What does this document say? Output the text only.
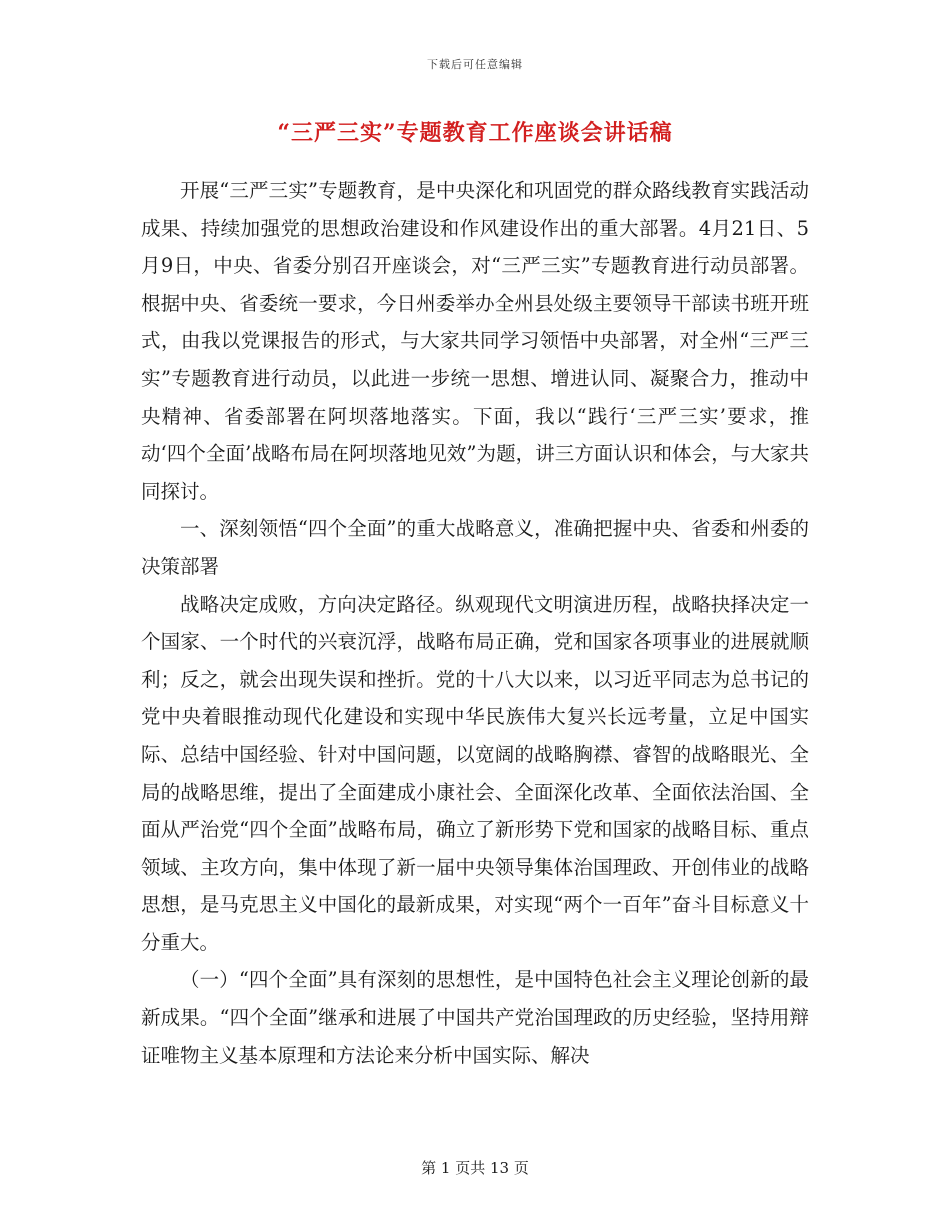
下载后可任意编辑
“三严三实”专题教育工作座谈会讲话稿

开展“三严三实”专题教育，是中央深化和巩固党的群众路线教育实践活动成果、持续加强党的思想政治建设和作风建设作出的重大部署。4月21日、5月9日，中央、省委分别召开座谈会，对“三严三实”专题教育进行动员部署。根据中央、省委统一要求，今日州委举办全州县处级主要领导干部读书班开班式，由我以党课报告的形式，与大家共同学习领悟中央部署，对全州“三严三实”专题教育进行动员，以此进一步统一思想、增进认同、凝聚合力，推动中央精神、省委部署在阿坝落地落实。下面，我以“践行‘三严三实’要求，推动‘四个全面’战略布局在阿坝落地见效”为题，讲三方面认识和体会，与大家共同探讨。

一、深刻领悟“四个全面”的重大战略意义，准确把握中央、省委和州委的决策部署

战略决定成败，方向决定路径。纵观现代文明演进历程，战略抉择决定一个国家、一个时代的兴衰沉浮，战略布局正确，党和国家各项事业的进展就顺利；反之，就会出现失误和挫折。党的十八大以来，以习近平同志为总书记的党中央着眼推动现代化建设和实现中华民族伟大复兴长远考量，立足中国实际、总结中国经验、针对中国问题，以宽阔的战略胸襟、睿智的战略眼光、全局的战略思维，提出了全面建成小康社会、全面深化改革、全面依法治国、全面从严治党“四个全面”战略布局，确立了新形势下党和国家的战略目标、重点领域、主攻方向，集中体现了新一届中央领导集体治国理政、开创伟业的战略思想，是马克思主义中国化的最新成果，对实现“两个一百年”奋斗目标意义十分重大。

（一）“四个全面”具有深刻的思想性，是中国特色社会主义理论创新的最新成果。“四个全面”继承和进展了中国共产党治国理政的历史经验，坚持用辩证唯物主义基本原理和方法论来分析中国实际、解决

第 1 页共 13 页
